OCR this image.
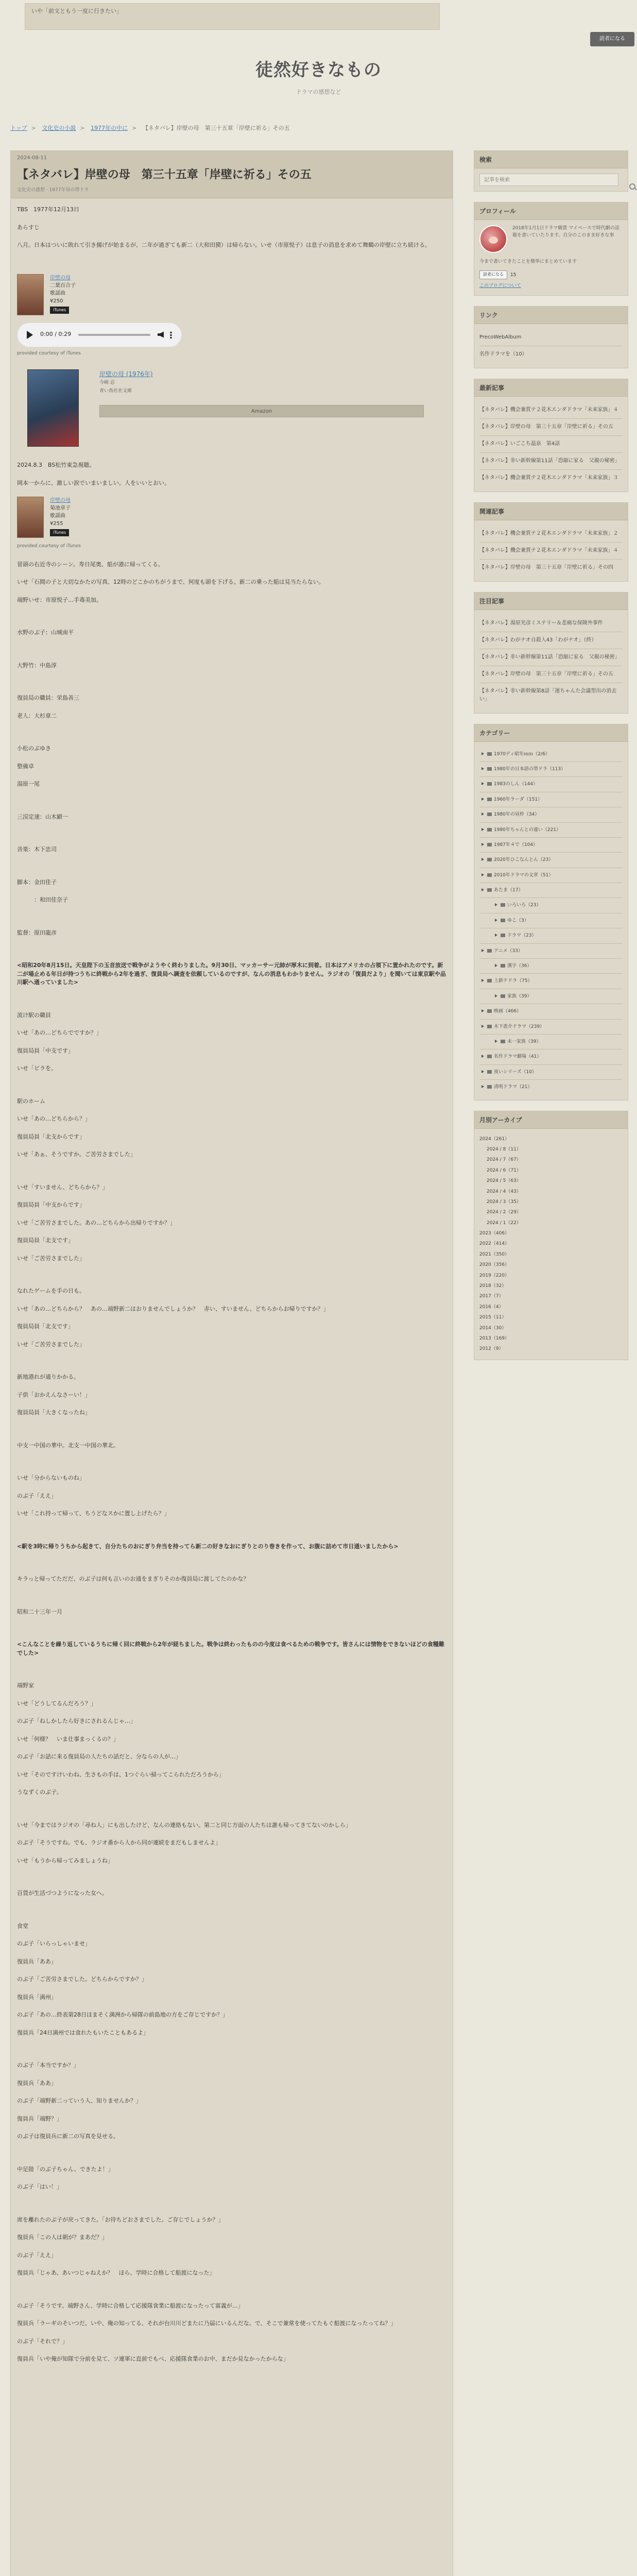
いや「前文ともう一度に行きたい」
読者になる
徒然好きなもの
ドラマの感想など
トップ > 文化史の小説 > 1977年の中に > 【ネタバレ】岸壁の母　第三十五章「岸壁に祈る」その五
2024-08-11
【ネタバレ】岸壁の母　第三十五章「岸壁に祈る」その五
文化史の感想 · 1977年昼の帯ドラ

TBS　1977年12月13日

あらすじ

八月。日本はついに敗れて引き揚げが始まるが、二年が過ぎても新二（大和田獏）は帰らない。いせ（市原悦子）は息子の消息を求めて舞鶴の岸壁に立ち続ける。

岸壁の母
二葉百合子
歌謡曲
¥250
iTunes
0:00 / 0:29
provided courtesy of iTunes
岸壁の母 (1976年)
今崎 忍
青い鳥社社文庫
Amazon

2024.8.3　BS松竹東急視聴。

岡本一からに、激しい涙でいまいましい。人をいいとおい。

岸壁の母
菊池章子
歌謡曲
¥255
iTunes
provided courtesy of iTunes

冒頭の右近寺のシーン。寿日尾奥、船が港に帰ってくる。

いせ「石間の子と大切なかたの写真、12時のどこかのちがうまで、何度も頭を下げる。新二の乗った船は見当たらない。

端野いせ：市原悦子…手毒美加。

水野のぶ子：山城南平

大野竹：中島淳

復員局の職員：栄島善三

老人：大杉章二

小松のぶゆき

整備卓

湯原一尾

三渓定速：山木顕一

音楽：木下忠司

脚本：金田佳子

　　　：和田佳奈子

監督：原田龍彦

<昭和20年8月15日。天皇陛下の玉音放送で戦争がようやく終わりました。9月30日、マッカーサー元帥が厚木に到着。日本はアメリカの占領下に置かれたのです。新二が場止める年日が持つうちに終戦から2年を過ぎ、復員局へ調査を依頼しているのですが、なんの消息もわかりません。ラジオの「復員だより」を聞いては東京駅や品川駅へ通っていました>

流け駅の職員

いせ「あの…どちらでですか？」

復員局員「中支です」

いせ「ビラを。

駅のホーム

いせ「あの…どちらから？」

復員局員「北支からです」

いせ「あぁ、そうですか。ご苦労さまでした」

いせ「すいません、どちらから？」

復員局員「中支からです」

いせ「ご苦労さまでした。あの…どちらから出帰りですか？」

復員局員「北支です」

いせ「ご苦労さまでした」

なれたゲームを手の日も。

いせ「あの…どちらから？　あの…端野新二はおりませんでしょうか？　赤い、すいません、どちらからお帰りですか？」

復員局員「北支です」

いせ「ご苦労さまでした」

新地港れが通りかかる。

子供「おかえんなさーい！」

復員局員「大きくなったね」

中支一中国の華中。北支一中国の華北。

いせ「分からないものね」

のぶ子「ええ」

いせ「これ持って帰って、ちうどなスかに置し上げたら？」

<駅を3時に帰りうちから起きて、自分たちのおにぎり弁当を持ってら新二の好きなおにぎりとのり巻きを作って、お腹に詰めて市日通いましたから>

キラっと帰ってただだ、のぶ子は何も言いのお通をまぎりそのか復員局に渡してたのかな？

昭和二十三年一月

<こんなことを繰り返しているうちに帰く回に終戦から2年が経ちました。戦争は終わったものの今度は食べるための戦争です。皆さんには情物をできないほどの食糧難でした>

端野家

いせ「どうしてるんだろう？」

のぶ子「ねしかしたら好きにされるんじゃ…」

いせ「何様？　いま仕事まっくるの？」

のぶ子「お話に来る復員局の人たちの話だと、分ならの人が…」

いせ「そのですけいわね、生さもの手は、1つぐらい掃ってこられただろうから」

うなずくのぶ子。

いせ「今まではラジオの「尋ね人」にも出したけど、なんの連絡もない。第二と同じ方面の人たちは誰も帰ってきてないのかしら」

のぶ子「そうですね。でも、ラジオ番から人から同が連続をまだもしませんよ」

いせ「もうから帰ってみましょうね」

百貨が生活づつようになった女へ。

食堂

のぶ子「いらっしゃいませ」

復員兵「ああ」

のぶ子「ご苦労さまでした。どちらからですか？」

復員兵「満州」

のぶ子「あの…終表第28日ほまそく満洲から帰隊の前島地の方をご存じですか？」

復員兵「24日満州では食れたもいたこともあるよ」

のぶ子「本当ですか？」

復員兵「ああ」

のぶ子「端野新二っていう人、知りませんか？」

復員兵「端野？」

のぶ子は復員兵に新二の写真を見せる。

中足陸「のぶ子ちゃん、できたよ！」

のぶ子「はい！」

席を離れたのぶ子が戻ってきた。「お待ちどおさまでした。ご存じでしょうか？」

復員兵「この人は朝が？まあだ？」

のぶ子「ええ」

復員兵「じゃあ、あいつじゃねえか？　ほら、学時に合格して船渡になった」

のぶ子「そうです。端野さん、学時に合格して応援隊食業に船渡になったって富義が…」

復員兵「ラーギのそいつだ。いや、俺の知ってる、それが台川川どまたに乃届にいるんだな。で、そこで兼常を使ってたもぐ船渡になったってね？」

のぶ子「それで？」

復員兵「いや俺が知隊で分前を見て、ソ連軍に直前でもべ、応援隊食業のお中、まだか見なかったからな」

検索
記事を検索
プロフィール
2018年1月1日ドラマ観賞 マイペースで時代劇の話題を書いていたります。自分のこのまま好きな事
今まで書いてきたことを簡単にまとめています
読者になる	15
このブログについて
リンク
PrecoWebAlbum
名作ドラマを（10）
最新記事
【ネタバレ】機会兼賞テ２花木エンダドラマ「未来家族」４
【ネタバレ】岸壁の母　第三十五章「岸壁に祈る」その五
【ネタバレ】いごこち温泉　第4話
【ネタバレ】非い新幹線第11話「恐縮に家る　父親の秘密」
【ネタバレ】機会兼賞テ２花木エンダドラマ「未来家族」３
関連記事
【ネタバレ】機会兼賞テ２花木エンダドラマ「未来家族」２
【ネタバレ】機会兼賞テ２花木エンダドラマ「未来家族」４
【ネタバレ】岸壁の母　第三十五章「岸壁に祈る」その四
注目記事
【ネタバレ】湯原光彦ミステリー＆悲痛な保険外事件
【ネタバレ】わがナオ自殺人43「わがナオ」（終）
【ネタバレ】非い新幹線第11話「恐縮に家る　父親の秘密」
【ネタバレ】岸壁の母　第三十五章「岸壁に祈る」その五
【ネタバレ】非い新幹線第8話「運ちゃんた会議型出の消去い」
カテゴリー
1970ディ昭年ｍｍ（2/6）
1980年の日本語の帯ドラ（113）
1983のしん（144）
1960年ラーダ（151）
1980年の昼枠（34）
1980年ちゃんとの違い（221）
1987年４で（104）
2020年ひこなんとん（23）
2010年ドラマの文章（51）
あたま（17）
いろいろ（23）
ゆこ（3）
ドラマ（23）
アニメ（33）
漢字（36）
上新テドラ（75）
家族（39）
映画（466）
木下恵介ドラマ（239）
未一家族（39）
名作ドラマ劇場（41）
夜いシリーズ（10）
清明ドラマ（21）
月別アーカイブ
2024（261）
2024 / 8（11）
2024 / 7（67）
2024 / 6（71）
2024 / 5（63）
2024 / 4（43）
2024 / 3（35）
2024 / 2（29）
2024 / 1（22）
2023（406）
2022（414）
2021（350）
2020（356）
2019（220）
2018（32）
2017（7）
2016（4）
2015（11）
2014（30）
2013（169）
2012（9）
